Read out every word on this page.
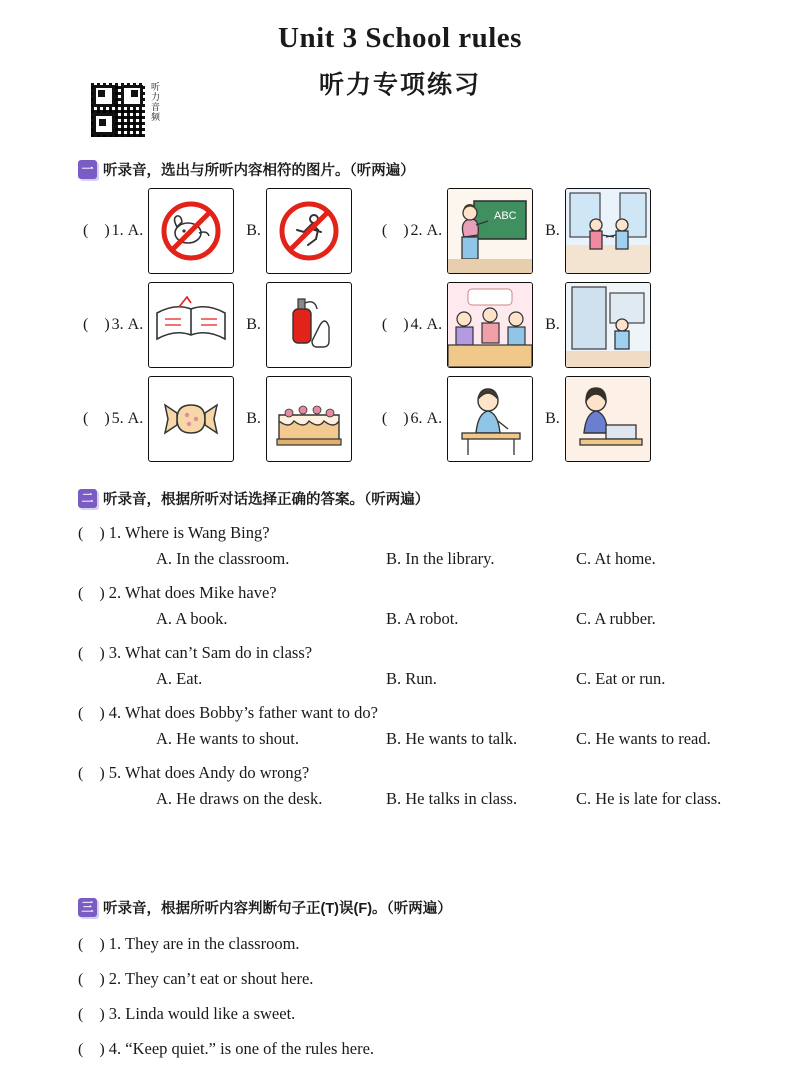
Unit 3 School rules
听力专项练习
听力音频
一 听录音，选出与所听内容相符的图片。（听两遍）
(    ) 1. A.	B.	(    ) 2. A.
ABC
B.
(    ) 3. A.	B.	(    ) 4. A.	B.
(    ) 5. A.	B.	(    ) 6. A.	B.
二 听录音，根据所听对话选择正确的答案。（听两遍）
(    ) 1. Where is Wang Bing?
A. In the classroom.	B. In the library.	C. At home.
(    ) 2. What does Mike have?
A. A book.	B. A robot.	C. A rubber.
(    ) 3. What can’t Sam do in class?
A. Eat.	B. Run.	C. Eat or run.
(    ) 4. What does Bobby’s father want to do?
A. He wants to shout.	B. He wants to talk.	C. He wants to read.
(    ) 5. What does Andy do wrong?
A. He draws on the desk.	B. He talks in class.	C. He is late for class.
三 听录音，根据所听内容判断句子正(T)误(F)。（听两遍）
(    ) 1. They are in the classroom.
(    ) 2. They can’t eat or shout here.
(    ) 3. Linda would like a sweet.
(    ) 4. “Keep quiet.” is one of the rules here.
